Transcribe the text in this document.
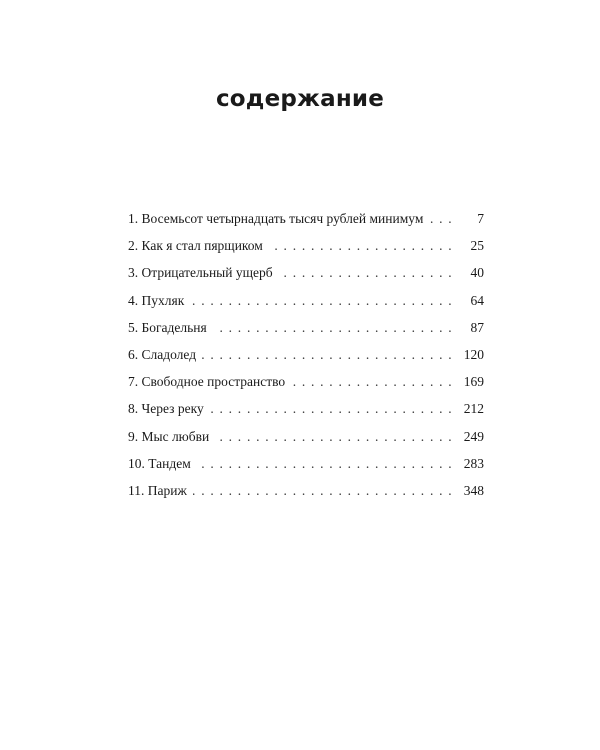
содержание
. . . 1. Восемьсот четырнадцать тысяч рублей минимум	7
. . . 2. Как я стал пярщиком	25
. . . 3. Отрицательный ущерб	40
. . . 4. Пухляк	64
. . . 5. Богадельня	87
. . . 6. Сладолед	120
. . . 7. Свободное пространство	169
. . . 8. Через реку	212
. . . 9. Мыс любви	249
. . . 10. Тандем	283
. . . 11. Париж	348
